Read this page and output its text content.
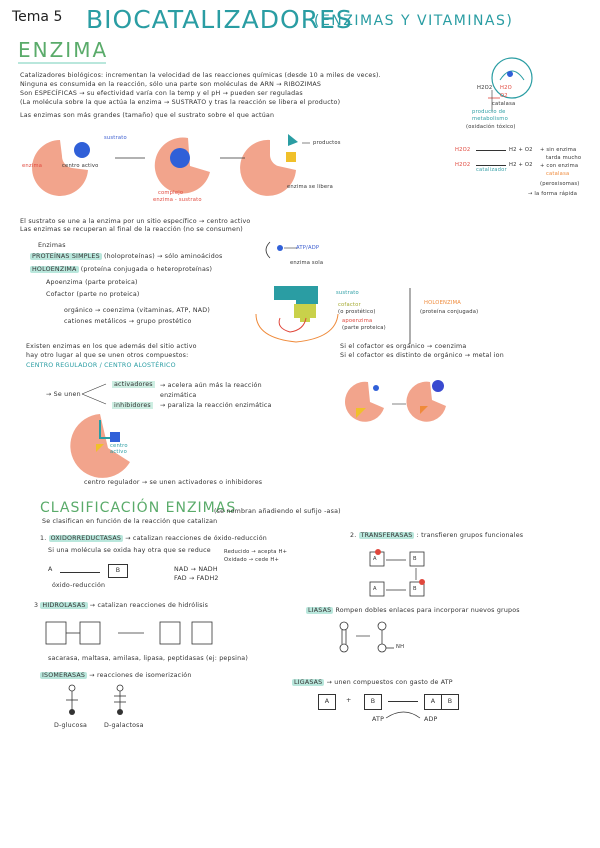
Tema 5 BIOCATALIZADORES
(ENZIMAS Y VITAMINAS)
ENZIMA
Catalizadores biológicos: incrementan la velocidad de las reacciones químicas (desde 10 a miles de veces).
Ninguna es consumida en la reacción, sólo una parte son moléculas de ARN → RIBOZIMAS
Son ESPECÍFICAS → su efectividad varía con la temp y el pH → pueden ser reguladas
(La molécula sobre la que actúa la enzima → SUSTRATO y tras la reacción se libera el producto)
Las enzimas son más grandes (tamaño) que el sustrato sobre el que actúan
H2O2 H2O
O2
catalasa
producto de
metabolismo
(oxidación tóxico)
H2O2	H2 + O2
H2O2
catalizador
H2 + O2
+ sin enzima
tarda mucho
+ con enzima
catalasa
(peroxisomas)
→ la forma rápida
sustrato
enzima	centro activo
complejo
enzima - sustrato
productos
enzima se libera
El sustrato se une a la enzima por un sitio específico → centro activo
Las enzimas se recuperan al final de la reacción (no se consumen)
Enzimas
PROTEÍNAS SIMPLES (holoproteínas) → sólo aminoácidos
HOLOENZIMA (proteína conjugada o heteroproteínas)
Apoenzima (parte proteica)
Cofactor (parte no proteica)
orgánico → coenzima (vitaminas, ATP, NAD)
cationes metálicos → grupo prostético
ATP/ADP
enzima sola
sustrato
cofactor
(o prostético)
apoenzima
(parte proteica)
HOLOENZIMA
(proteína conjugada)
Existen enzimas en los que además del sitio activo
hay otro lugar al que se unen otros compuestos:
CENTRO REGULADOR / CENTRO ALOSTÉRICO
Si el cofactor es orgánico → coenzima
Si el cofactor es distinto de orgánico → metal ion
→ Se unen
activadores	→ acelera aún más la reacción enzimática
inhibidores	→ paraliza la reacción enzimática
centro activo
centro regulador → se unen activadores o inhibidores
CLASIFICACIÓN ENZIMAS
(se nombran añadiendo el sufijo -asa)
Se clasifican en función de la reacción que catalizan
1. OXIDORREDUCTASAS → catalizan reacciones de óxido-reducción
Si una molécula se oxida hay otra que se reduce	Reducido → acepta H+
Oxidado → cede H+
A	B	NAD → NADH
FAD → FADH2
óxido-reducción
3 HIDROLASAS → catalizan reacciones de hidrólisis
sacarasa, maltasa, amilasa, lipasa, peptidasas (ej: pepsina)
ISOMERASAS → reacciones de isomerización
D-glucosa	D-galactosa
2. TRANSFERASAS : transfieren grupos funcionales
A	B
A	B
LIASAS Rompen dobles enlaces para incorporar nuevos grupos
NH
LIGASAS → unen compuestos con gasto de ATP
A	+	B	A B
ATP	ADP
